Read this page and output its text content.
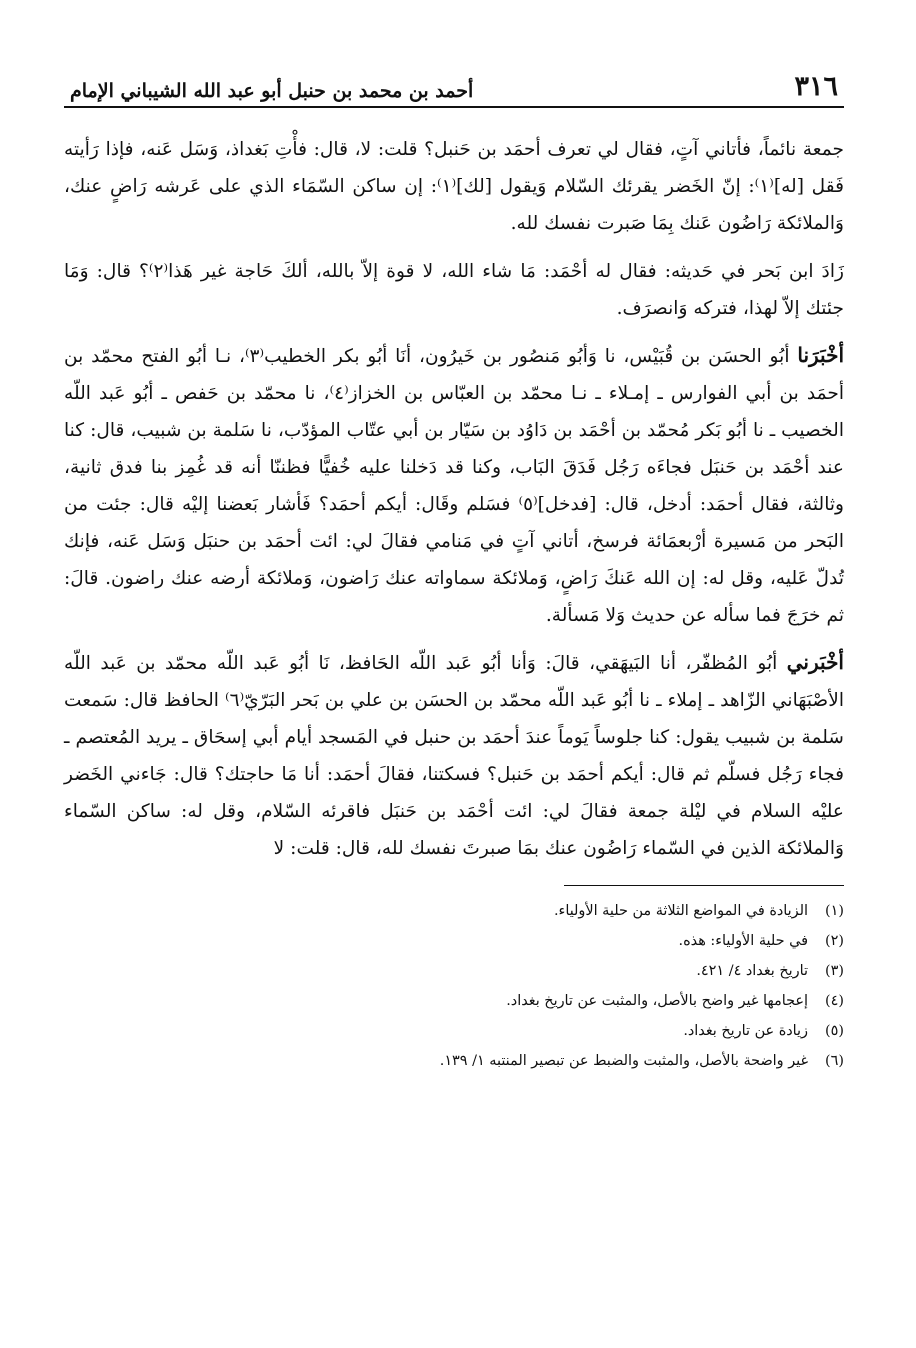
٣١٦
أحمد بن محمد بن حنبل أبو عبد الله الشيباني الإمام

جمعة نائماً، فأتاني آتٍ، فقال لي تعرف أحمَد بن حَنبل؟ قلت: لا، قال: فأْتِ بَغداذ، وَسَل عَنه، فإذا رَأيته فَقل [له]⁽١⁾: إنّ الخَضر يقرئك السّلام وَيقول [لك]⁽١⁾: إن ساكن السّمَاء الذي على عَرشه رَاضٍ عنك، وَالملائكة رَاضُون عَنك بِمَا صَبرت نفسك لله.

زَادَ ابن بَحر في حَديثه: فقال له أحْمَد: مَا شاء الله، لا قوة إلاّ بالله، ألكَ حَاجة غير هَذا⁽٢⁾؟ قال: وَمَا جئتك إلاّ لهذا، فتركه وَانصرَف.

أخْبَرَنا أبُو الحسَن بن قُبَيْس، نا وَأبُو مَنصُور بن خَيرُون، أنَا أبُو بكر الخطيب⁽٣⁾، نـا أبُو الفتح محمّد بن أحمَد بن أبي الفوارس ـ إمـلاء ـ نـا محمّد بن العبّاس بن الخزاز⁽٤⁾، نا محمّد بن حَفص ـ أبُو عَبد اللّه الخصيب ـ نا أبُو بَكر مُحمّد بن أحْمَد بن دَاوُد بن سَيّار بن أبي عتّاب المؤدّب، نا سَلمة بن شبيب، قال: كنا عند أحْمَد بن حَنبَل فجاءَه رَجُل فَدَقَ البَاب، وكنا قد دَخلنا عليه خُفيًّا فظننّا أنه قد غُمِز بنا فدق ثانية، وثالثة، فقال أحمَد: أدخل، قال: [فدخل]⁽٥⁾ فسَلم وقَال: أيكم أحمَد؟ فَأشار بَعضنا إليْه قال: جئت من البَحر من مَسيرة أرْبعمَائة فرسخ، أتاني آتٍ في مَنامي فقالَ لي: ائت أحمَد بن حنبَل وَسَل عَنه، فإنك تُدلّ عَليه، وقل له: إن الله عَنكَ رَاضٍ، وَملائكة سماواته عنك رَاضون، وَملائكة أرضه عنك راضون. قالَ: ثم خرَجَ فما سأله عن حديث وَلا مَسألة.

أخْبَرني أبُو المُظفّر، أنا البَيهَقي، قالَ: وَأنا أبُو عَبد اللّه الحَافظ، نَا أبُو عَبد اللّه محمّد بن عَبد اللّه الأصْبَهَاني الزّاهد ـ إملاء ـ نا أبُو عَبد اللّه محمّد بن الحسَن بن علي بن بَحر البَرّيّ⁽٦⁾ الحافظ قال: سَمعت سَلمة بن شبيب يقول: كنا جلوساً يَوماً عندَ أحمَد بن حنبل في المَسجد أيام أبي إسحَاق ـ يريد المُعتصم ـ فجاء رَجُل فسلّم ثم قال: أيكم أحمَد بن حَنبل؟ فسكتنا، فقالَ أحمَد: أنا مَا حاجتك؟ قال: جَاءني الخَضر عليْه السلام في ليْلة جمعة فقالَ لي: ائت أحْمَد بن حَنبَل فاقرئه السّلام، وقل له: ساكن السّماء وَالملائكة الذين في السّماء رَاضُون عنك بمَا صبرتَ نفسك لله، قال: قلت: لا

(١)
الزيادة في المواضع الثلاثة من حلية الأولياء.
(٢)
في حلية الأولياء: هذه.
(٣)
تاريخ بغداد ٤/ ٤٢١.
(٤)
إعجامها غير واضح بالأصل، والمثبت عن تاريخ بغداد.
(٥)
زيادة عن تاريخ بغداد.
(٦)
غير واضحة بالأصل، والمثبت والضبط عن تبصير المنتبه ١/ ١٣٩.
